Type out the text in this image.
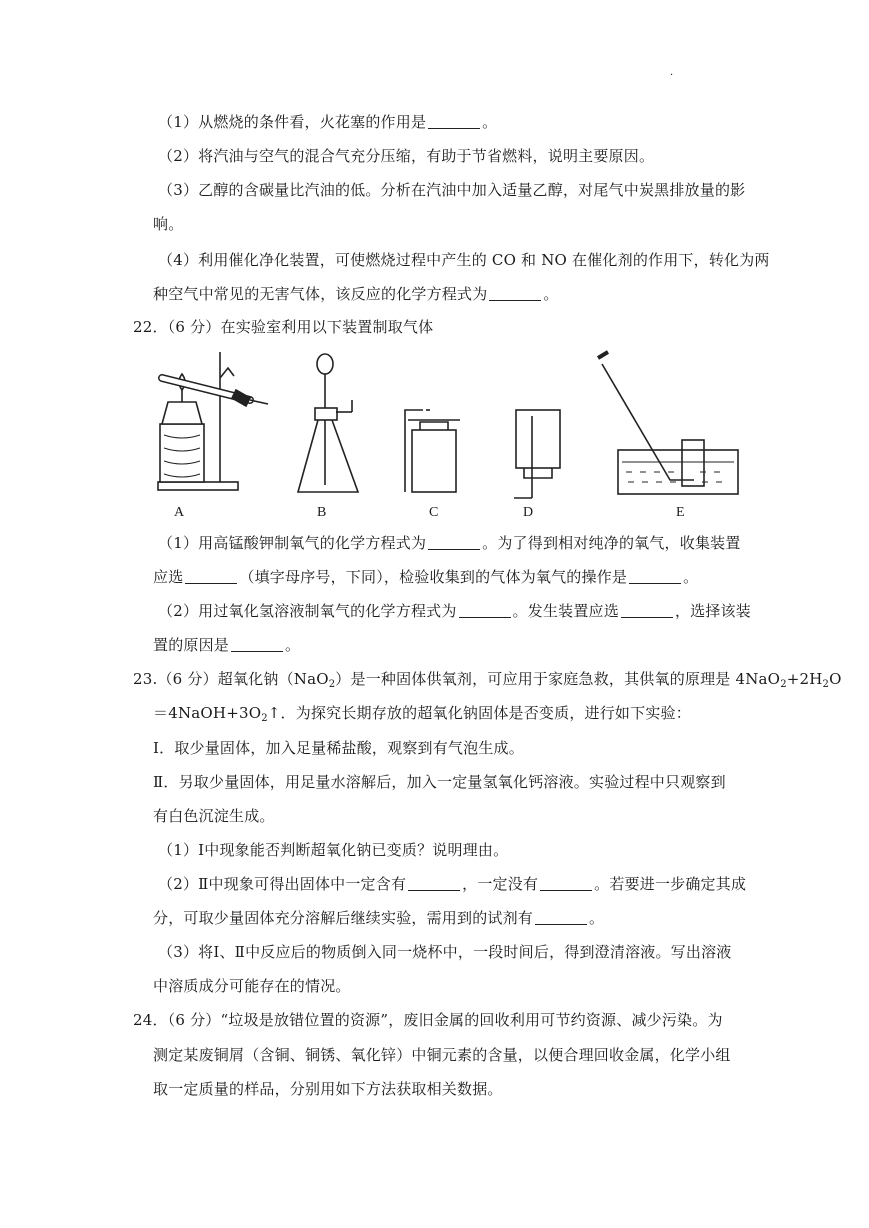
·
（1）从燃烧的条件看，火花塞的作用是	。
（2）将汽油与空气的混合气充分压缩，有助于节省燃料，说明主要原因。
（3）乙醇的含碳量比汽油的低。分析在汽油中加入适量乙醇，对尾气中炭黑排放量的影
响。
（4）利用催化净化装置，可使燃烧过程中产生的 CO 和 NO 在催化剂的作用下，转化为两
种空气中常见的无害气体，该反应的化学方程式为	。
22．（6 分）在实验室利用以下装置制取气体
A	B	C	D	E
（1）用高锰酸钾制氧气的化学方程式为	。为了得到相对纯净的氧气，收集装置
应选	（填字母序号，下同），检验收集到的气体为氧气的操作是	。
（2）用过氧化氢溶液制氧气的化学方程式为	。发生装置应选	，选择该装
置的原因是	。
23.（6 分）超氧化钠（NaO$_2$）是一种固体供氧剂，可应用于家庭急救，其供氧的原理是 $4NaO_2+2H_2O$
$=4NaOH+3O_2↑$．为探究长期存放的超氧化钠固体是否变质，进行如下实验：
Ⅰ．取少量固体，加入足量稀盐酸，观察到有气泡生成。
Ⅱ．另取少量固体，用足量水溶解后，加入一定量氢氧化钙溶液。实验过程中只观察到
有白色沉淀生成。
（1）Ⅰ中现象能否判断超氧化钠已变质？说明理由。
（2）Ⅱ中现象可得出固体中一定含有	，一定没有	。若要进一步确定其成
分，可取少量固体充分溶解后继续实验，需用到的试剂有	。
（3）将Ⅰ、Ⅱ中反应后的物质倒入同一烧杯中，一段时间后，得到澄清溶液。写出溶液
中溶质成分可能存在的情况。
24．（6 分）“垃圾是放错位置的资源”，废旧金属的回收利用可节约资源、减少污染。为
测定某废铜屑（含铜、铜锈、氧化锌）中铜元素的含量，以便合理回收金属，化学小组
取一定质量的样品，分别用如下方法获取相关数据。
